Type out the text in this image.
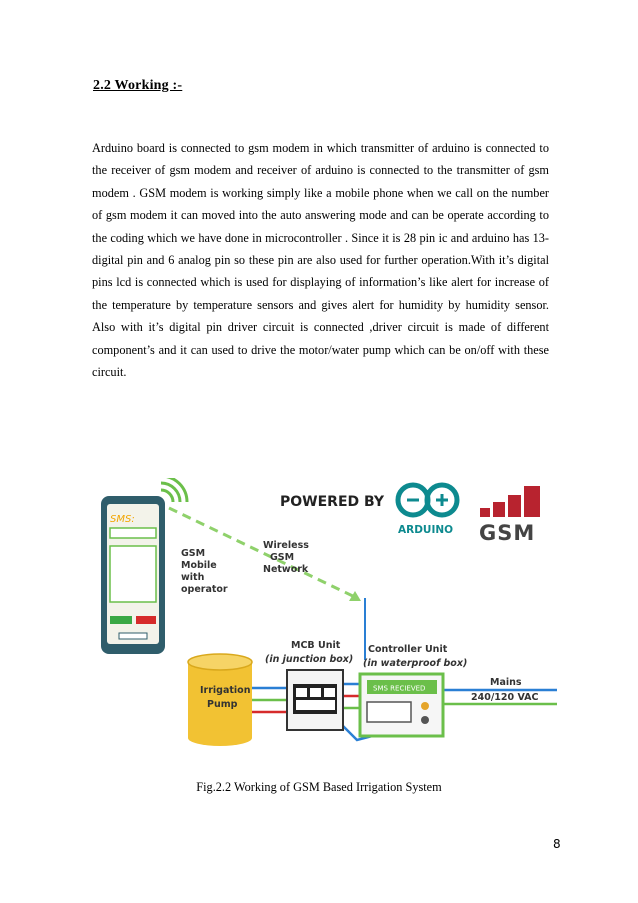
2.2 Working :-

Arduino board is connected to gsm modem in which transmitter of arduino is connected to the receiver of gsm modem and receiver of arduino is connected to the transmitter of gsm modem . GSM modem is working simply like a mobile phone when we call on the number of gsm modem it can moved into the auto answering mode and can be operate according to the coding which we have done in microcontroller . Since it is 28 pin ic and arduino has 13-digital pin and 6 analog pin so these pin are also used for further operation.With it’s digital pins lcd is connected which is used for displaying of information’s like alert for increase of the temperature by temperature sensors and gives alert for humidity by humidity sensor. Also with it’s digital pin driver circuit is connected ,driver circuit is made of different component’s and it can used to drive the motor/water pump which can be on/off with these circuit.

SMS:
GSM
Mobile
with
operator
Wireless
GSM
Network
POWERED BY
ARDUINO GSM
MCB Unit
(in junction box)
Controller Unit
(in waterproof box)
Irrigation
Pump
SMS RECIEVED
Mains
240/120 VAC
Fig.2.2 Working of GSM Based Irrigation System
8
